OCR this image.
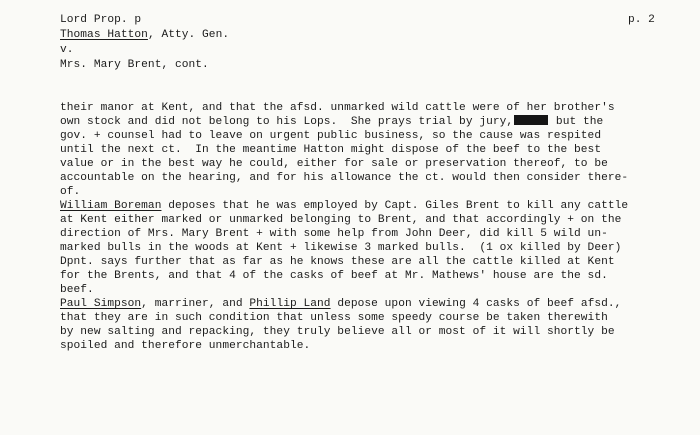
Lord Prop. p	p. 2
Thomas Hatton, Atty. Gen.
v.
Mrs. Mary Brent, cont.
their manor at Kent, and that the afsd. unmarked wild cattle were of her brother's
own stock and did not belong to his Lops.  She prays trial by jury,	but the
gov. + counsel had to leave on urgent public business, so the cause was respited
until the next ct.  In the meantime Hatton might dispose of the beef to the best
value or in the best way he could, either for sale or preservation thereof, to be
accountable on the hearing, and for his allowance the ct. would then consider there-
of.
William Boreman deposes that he was employed by Capt. Giles Brent to kill any cattle
at Kent either marked or unmarked belonging to Brent, and that accordingly + on the
direction of Mrs. Mary Brent + with some help from John Deer, did kill 5 wild un-
marked bulls in the woods at Kent + likewise 3 marked bulls.  (1 ox killed by Deer)
Dpnt. says further that as far as he knows these are all the cattle killed at Kent
for the Brents, and that 4 of the casks of beef at Mr. Mathews' house are the sd.
beef.
Paul Simpson, marriner, and Phillip Land depose upon viewing 4 casks of beef afsd.,
that they are in such condition that unless some speedy course be taken therewith
by new salting and repacking, they truly believe all or most of it will shortly be
spoiled and therefore unmerchantable.
